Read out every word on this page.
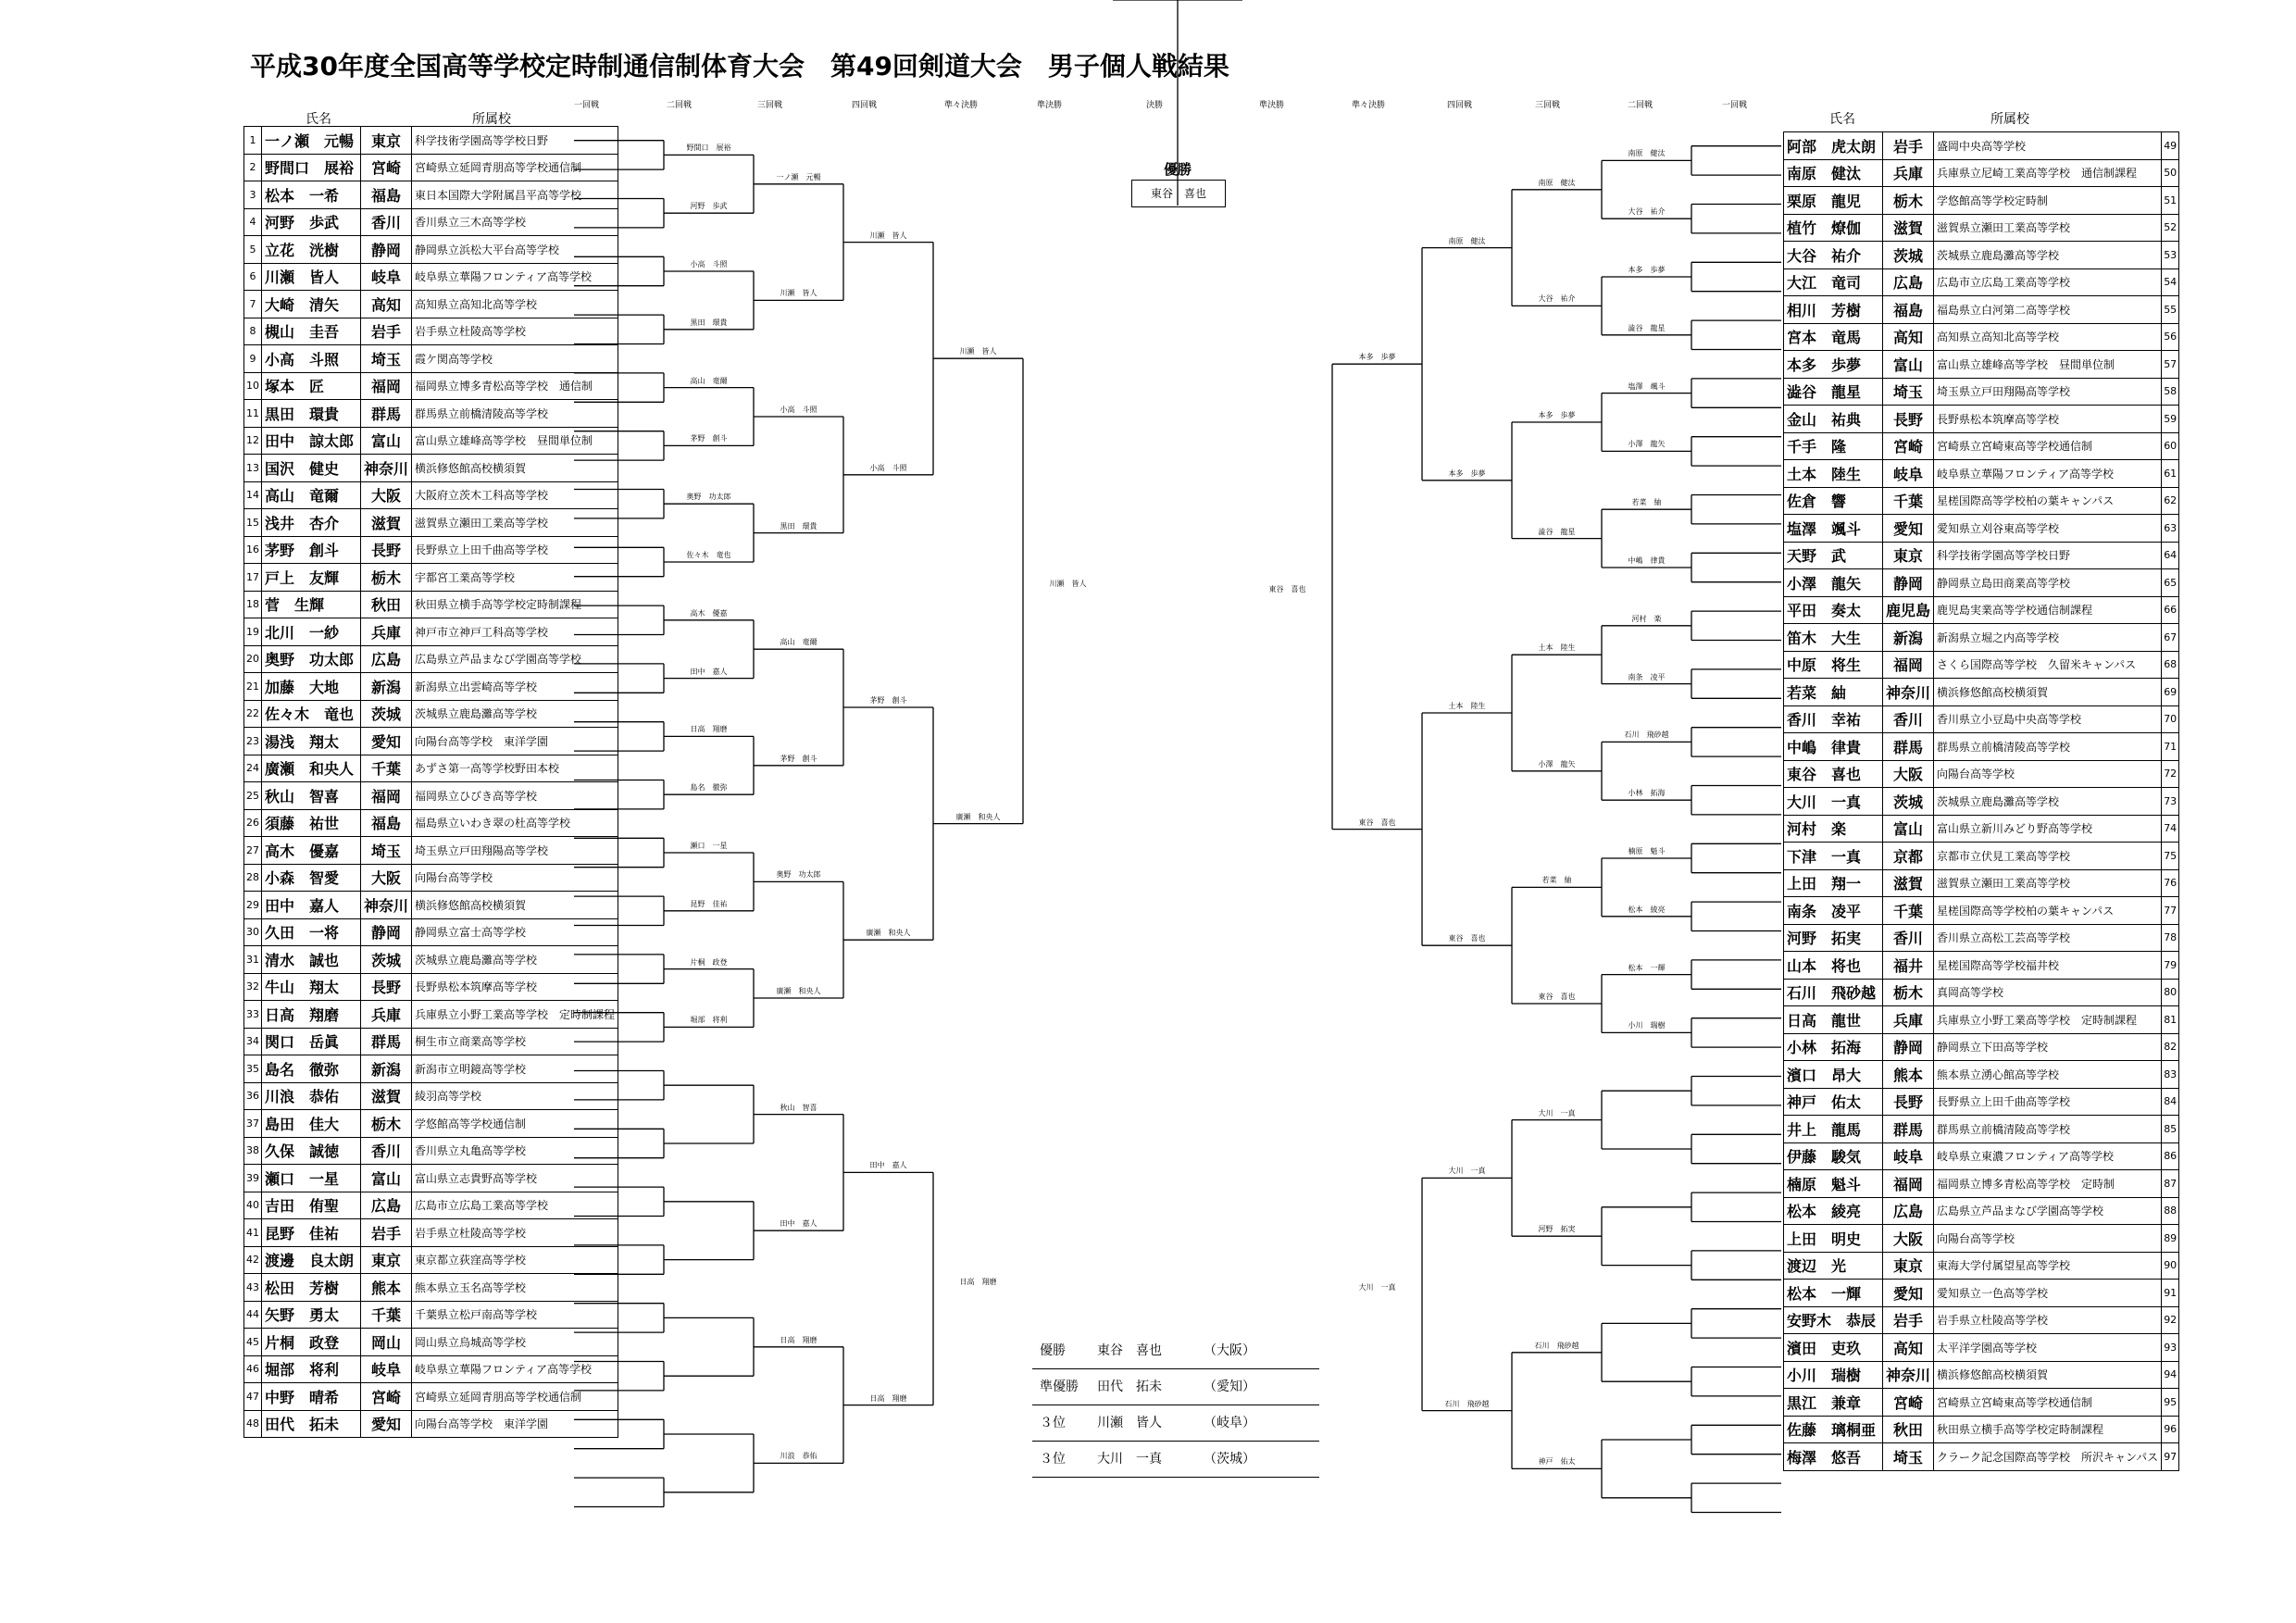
平成30年度全国高等学校定時制通信制体育大会　第49回剣道大会　男子個人戦結果
氏名	所属校	氏名	所属校
一回戦	二回戦	三回戦	四回戦	準々決勝	準決勝	決勝	準決勝	準々決勝	四回戦	三回戦	二回戦	一回戦
1	一ノ瀬　元暢	東京	科学技術学園高等学校日野
2	野間口　展裕	宮崎	宮崎県立延岡青朋高等学校通信制
3	松本　一希	福島	東日本国際大学附属昌平高等学校
4	河野　歩武	香川	香川県立三木高等学校
5	立花　洸樹	静岡	静岡県立浜松大平台高等学校
6	川瀬　皆人	岐阜	岐阜県立華陽フロンティア高等学校
7	大崎　清矢	高知	高知県立高知北高等学校
8	槻山　圭吾	岩手	岩手県立杜陵高等学校
9	小高　斗照	埼玉	霞ケ関高等学校
10	塚本　匠	福岡	福岡県立博多青松高等学校　通信制
11	黒田　環貴	群馬	群馬県立前橋清陵高等学校
12	田中　諒太郎	富山	富山県立雄峰高等学校　昼間単位制
13	国沢　健史	神奈川	横浜修悠館高校横須賀
14	高山　竜爾	大阪	大阪府立茨木工科高等学校
15	浅井　杏介	滋賀	滋賀県立瀬田工業高等学校
16	茅野　創斗	長野	長野県立上田千曲高等学校
17	戸上　友輝	栃木	宇都宮工業高等学校
18	菅　生輝	秋田	秋田県立横手高等学校定時制課程
19	北川　一紗	兵庫	神戸市立神戸工科高等学校
20	奥野　功太郎	広島	広島県立芦品まなび学園高等学校
21	加藤　大地	新潟	新潟県立出雲崎高等学校
22	佐々木　竜也	茨城	茨城県立鹿島灘高等学校
23	湯浅　翔太	愛知	向陽台高等学校　東洋学園
24	廣瀬　和央人	千葉	あずさ第一高等学校野田本校
25	秋山　智喜	福岡	福岡県立ひびき高等学校
26	須藤　祐世	福島	福島県立いわき翠の杜高等学校
27	高木　優嘉	埼玉	埼玉県立戸田翔陽高等学校
28	小森　智愛	大阪	向陽台高等学校
29	田中　嘉人	神奈川	横浜修悠館高校横須賀
30	久田　一将	静岡	静岡県立富士高等学校
31	清水　誠也	茨城	茨城県立鹿島灘高等学校
32	牛山　翔太	長野	長野県松本筑摩高等学校
33	日高　翔磨	兵庫	兵庫県立小野工業高等学校　定時制課程
34	関口　岳眞	群馬	桐生市立商業高等学校
35	島名　徹弥	新潟	新潟市立明鏡高等学校
36	川浪　恭佑	滋賀	綾羽高等学校
37	島田　佳大	栃木	学悠館高等学校通信制
38	久保　誠徳	香川	香川県立丸亀高等学校
39	瀬口　一星	富山	富山県立志貴野高等学校
40	吉田　侑聖	広島	広島市立広島工業高等学校
41	昆野　佳祐	岩手	岩手県立杜陵高等学校
42	渡邊　良太朗	東京	東京都立荻窪高等学校
43	松田　芳樹	熊本	熊本県立玉名高等学校
44	矢野　勇太	千葉	千葉県立松戸南高等学校
45	片桐　政登	岡山	岡山県立烏城高等学校
46	堀部　将利	岐阜	岐阜県立華陽フロンティア高等学校
47	中野　晴希	宮崎	宮崎県立延岡青朋高等学校通信制
48	田代　拓未	愛知	向陽台高等学校　東洋学園
阿部　虎太朗	岩手	盛岡中央高等学校	49
南原　健汰	兵庫	兵庫県立尼崎工業高等学校　通信制課程	50
栗原　龍児	栃木	学悠館高等学校定時制	51
植竹　燎伽	滋賀	滋賀県立瀬田工業高等学校	52
大谷　祐介	茨城	茨城県立鹿島灘高等学校	53
大江　竜司	広島	広島市立広島工業高等学校	54
相川　芳樹	福島	福島県立白河第二高等学校	55
宮本　竜馬	高知	高知県立高知北高等学校	56
本多　歩夢	富山	富山県立雄峰高等学校　昼間単位制	57
澁谷　龍星	埼玉	埼玉県立戸田翔陽高等学校	58
金山　祐典	長野	長野県松本筑摩高等学校	59
千手　隆	宮崎	宮崎県立宮崎東高等学校通信制	60
土本　陸生	岐阜	岐阜県立華陽フロンティア高等学校	61
佐倉　響	千葉	星槎国際高等学校柏の葉キャンパス	62
塩澤　颯斗	愛知	愛知県立刈谷東高等学校	63
天野　武	東京	科学技術学園高等学校日野	64
小澤　龍矢	静岡	静岡県立島田商業高等学校	65
平田　奏太	鹿児島	鹿児島実業高等学校通信制課程	66
笛木　大生	新潟	新潟県立堀之内高等学校	67
中原　将生	福岡	さくら国際高等学校　久留米キャンパス	68
若菜　紬	神奈川	横浜修悠館高校横須賀	69
香川　幸祐	香川	香川県立小豆島中央高等学校	70
中嶋　律貴	群馬	群馬県立前橋清陵高等学校	71
東谷　喜也	大阪	向陽台高等学校	72
大川　一真	茨城	茨城県立鹿島灘高等学校	73
河村　楽	富山	富山県立新川みどり野高等学校	74
下津　一真	京都	京都市立伏見工業高等学校	75
上田　翔一	滋賀	滋賀県立瀬田工業高等学校	76
南条　凌平	千葉	星槎国際高等学校柏の葉キャンパス	77
河野　拓実	香川	香川県立高松工芸高等学校	78
山本　将也	福井	星槎国際高等学校福井校	79
石川　飛砂越	栃木	真岡高等学校	80
日高　龍世	兵庫	兵庫県立小野工業高等学校　定時制課程	81
小林　拓海	静岡	静岡県立下田高等学校	82
濱口　昂大	熊本	熊本県立湧心館高等学校	83
神戸　佑太	長野	長野県立上田千曲高等学校	84
井上　龍馬	群馬	群馬県立前橋清陵高等学校	85
伊藤　駿気	岐阜	岐阜県立東濃フロンティア高等学校	86
楠原　魁斗	福岡	福岡県立博多青松高等学校　定時制	87
松本　綾亮	広島	広島県立芦品まなび学園高等学校	88
上田　明史	大阪	向陽台高等学校	89
渡辺　光	東京	東海大学付属望星高等学校	90
松本　一輝	愛知	愛知県立一色高等学校	91
安野木　恭辰	岩手	岩手県立杜陵高等学校	92
濱田　吏玖	高知	太平洋学園高等学校	93
小川　瑞樹	神奈川	横浜修悠館高校横須賀	94
黒江　兼章	宮崎	宮崎県立宮崎東高等学校通信制	95
佐藤　璃桐亜	秋田	秋田県立横手高等学校定時制課程	96
梅澤　悠吾	埼玉	クラーク記念国際高等学校　所沢キャンパス	97
野間口　展裕
河野　歩武
小高　斗照
黒田　環貴
高山　竜爾
茅野　創斗
奥野　功太郎
佐々木　竜也
高木　優嘉
田中　嘉人
日高　翔磨
島名　徹弥
瀬口　一星
昆野　佳祐
片桐　政登
堀部　将利
一ノ瀬　元暢
川瀬　皆人
小高　斗照
黒田　環貴
高山　竜爾
茅野　創斗
奥野　功太郎
廣瀬　和央人
秋山　智喜
田中　嘉人
日高　翔磨
川浪　恭佑
川瀬　皆人
小高　斗照
茅野　創斗
廣瀬　和央人
田中　嘉人
日高　翔磨
川瀬　皆人
廣瀬　和央人
日高　翔磨
川瀬　皆人
南原　健汰
大谷　祐介
本多　歩夢
澁谷　龍星
塩澤　颯斗
小澤　龍矢
若菜　紬
中嶋　律貴
河村　楽
南条　凌平
石川　飛砂越
小林　拓海
楠原　魁斗
松本　綾亮
松本　一輝
小川　瑞樹
南原　健汰
大谷　祐介
本多　歩夢
澁谷　龍星
土本　陸生
小澤　龍矢
若菜　紬
東谷　喜也
大川　一真
河野　拓実
石川　飛砂越
神戸　佑太
南原　健汰
本多　歩夢
土本　陸生
東谷　喜也
大川　一真
石川　飛砂越
本多　歩夢
東谷　喜也
大川　一真
東谷　喜也
優勝
東谷　喜也
優勝 東谷　喜也	（大阪）
準優勝 田代　拓未	（愛知）
３位 川瀬　皆人	（岐阜）
３位 大川　一真	（茨城）
